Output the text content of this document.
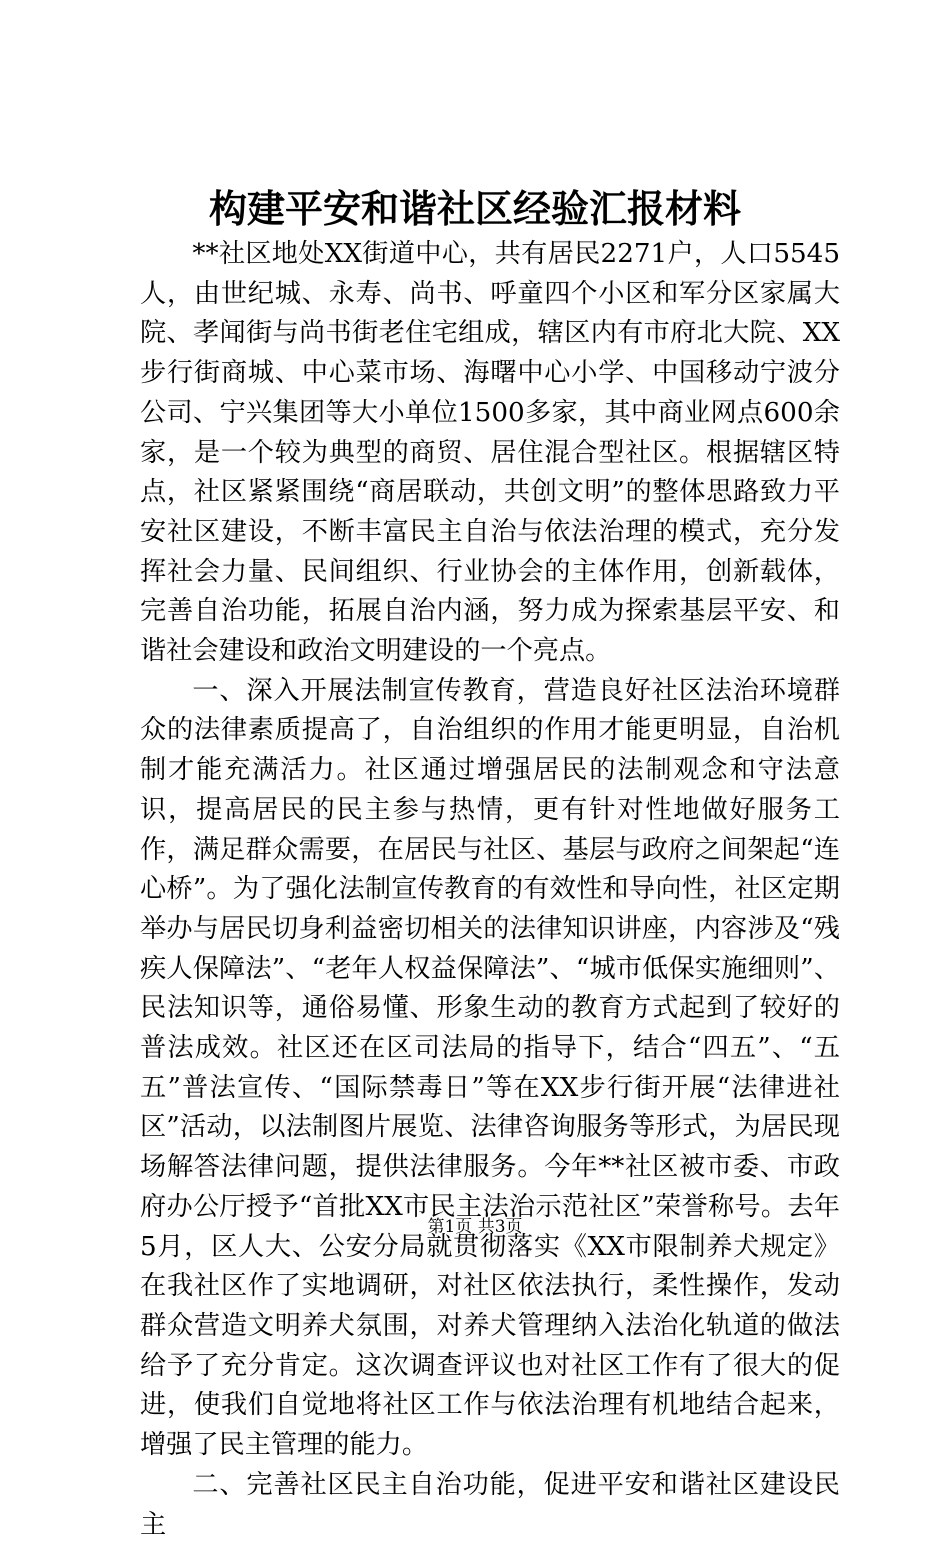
构建平安和谐社区经验汇报材料

**社区地处XX街道中心，共有居民2271户，人口5545人，由世纪城、永寿、尚书、呼童四个小区和军分区家属大院、孝闻街与尚书街老住宅组成，辖区内有市府北大院、XX步行街商城、中心菜市场、海曙中心小学、中国移动宁波分公司、宁兴集团等大小单位1500多家，其中商业网点600余家，是一个较为典型的商贸、居住混合型社区。根据辖区特点，社区紧紧围绕“商居联动，共创文明”的整体思路致力平安社区建设，不断丰富民主自治与依法治理的模式，充分发挥社会力量、民间组织、行业协会的主体作用，创新载体，完善自治功能，拓展自治内涵，努力成为探索基层平安、和谐社会建设和政治文明建设的一个亮点。

一、深入开展法制宣传教育，营造良好社区法治环境群众的法律素质提高了，自治组织的作用才能更明显，自治机制才能充满活力。社区通过增强居民的法制观念和守法意识，提高居民的民主参与热情，更有针对性地做好服务工作，满足群众需要，在居民与社区、基层与政府之间架起“连心桥”。为了强化法制宣传教育的有效性和导向性，社区定期举办与居民切身利益密切相关的法律知识讲座，内容涉及“残疾人保障法”、“老年人权益保障法”、“城市低保实施细则”、民法知识等，通俗易懂、形象生动的教育方式起到了较好的普法成效。社区还在区司法局的指导下，结合“四五”、“五五”普法宣传、“国际禁毒日”等在XX步行街开展“法律进社区”活动，以法制图片展览、法律咨询服务等形式，为居民现场解答法律问题，提供法律服务。今年**社区被市委、市政府办公厅授予“首批XX市民主法治示范社区”荣誉称号。去年5月，区人大、公安分局就贯彻落实《XX市限制养犬规定》在我社区作了实地调研，对社区依法执行，柔性操作，发动群众营造文明养犬氛围，对养犬管理纳入法治化轨道的做法给予了充分肯定。这次调查评议也对社区工作有了很大的促进，使我们自觉地将社区工作与依法治理有机地结合起来，增强了民主管理的能力。

二、完善社区民主自治功能，促进平安和谐社区建设民主

第1页 共3页
